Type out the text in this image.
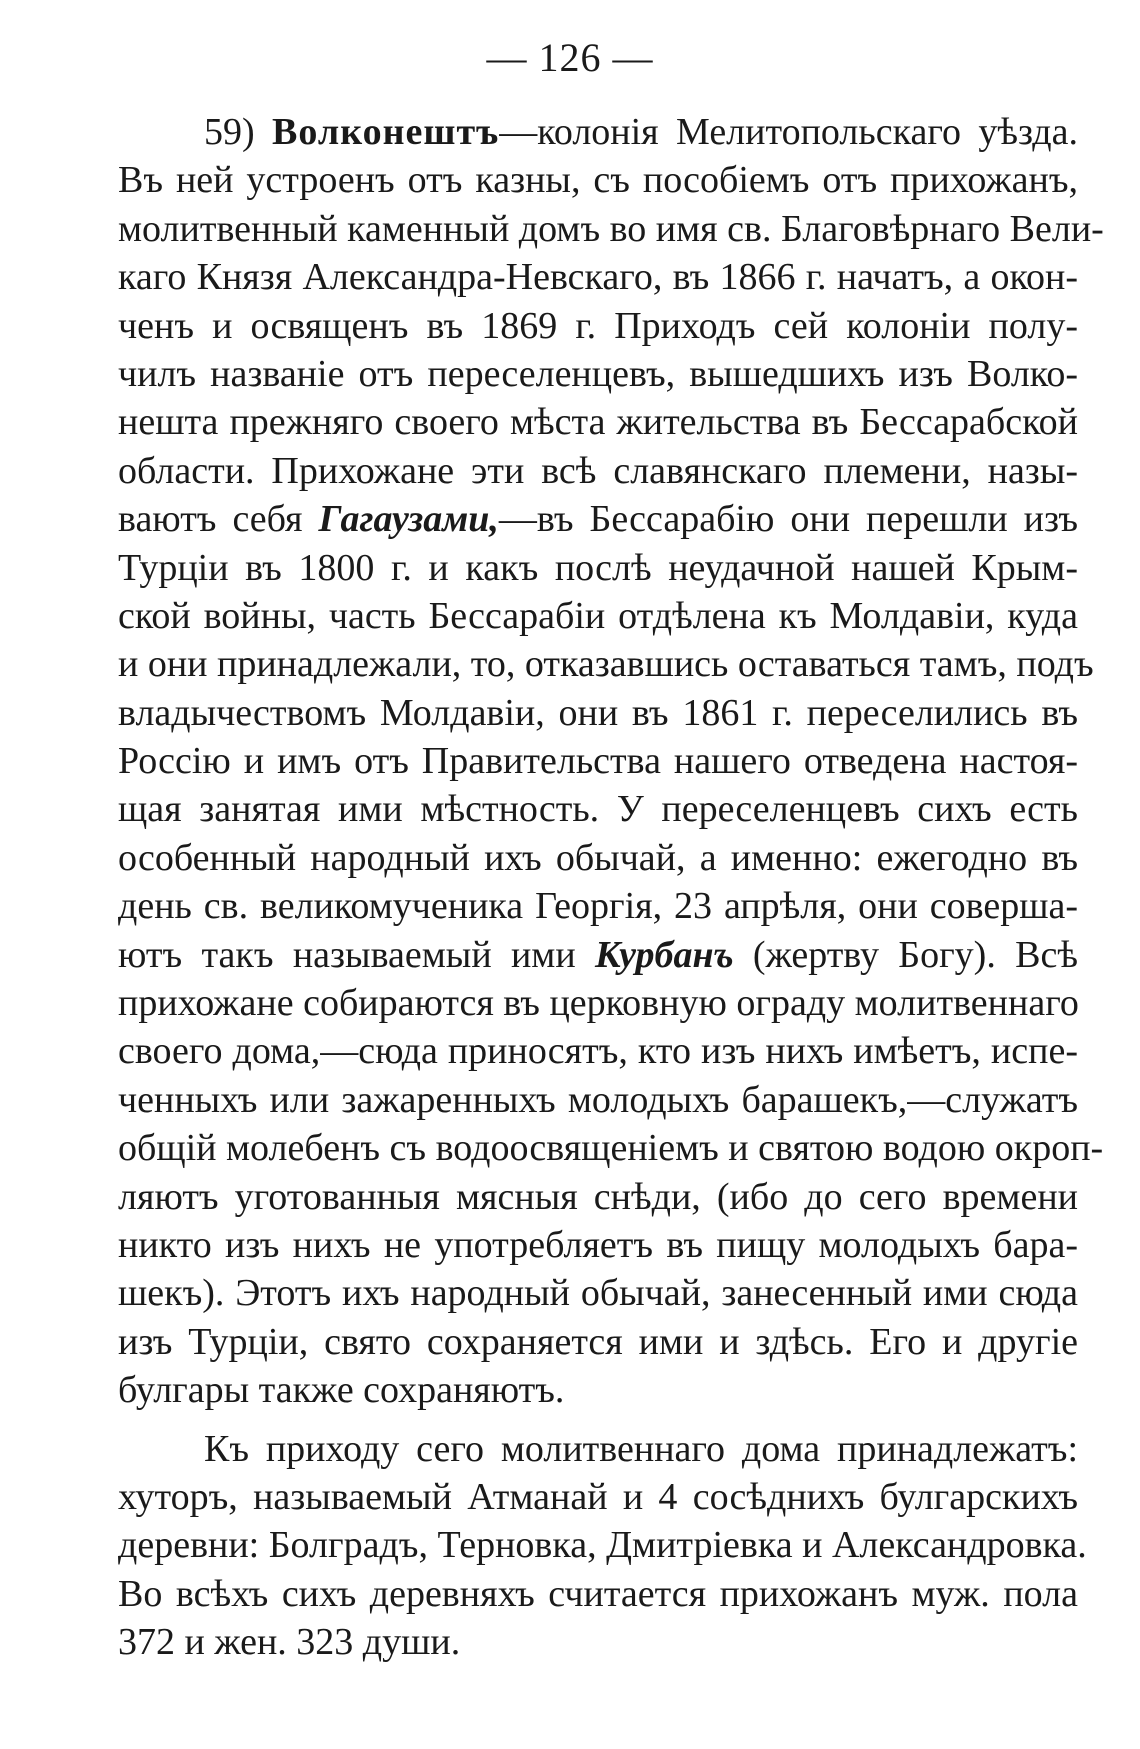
— 126 —
59) Волконештъ—колонія Мелитопольскаго уѣзда.
Въ ней устроенъ отъ казны, съ пособіемъ отъ прихожанъ,
молитвенный каменный домъ во имя св. Благовѣрнаго Вели-
каго Князя Александра-Невскаго, въ 1866 г. начатъ, а окон-
ченъ и освященъ въ 1869 г. Приходъ сей колоніи полу-
чилъ названіе отъ переселенцевъ, вышедшихъ изъ Волко-
нешта прежняго своего мѣста жительства въ Бессарабской
области. Прихожане эти всѣ славянскаго племени, назы-
ваютъ себя Гагаузами,—въ Бессарабію они перешли изъ
Турціи въ 1800 г. и какъ послѣ неудачной нашей Крым-
ской войны, часть Бессарабіи отдѣлена къ Молдавіи, куда
и они принадлежали, то, отказавшись оставаться тамъ, подъ
владычествомъ Молдавіи, они въ 1861 г. переселились въ
Россію и имъ отъ Правительства нашего отведена настоя-
щая занятая ими мѣстность. У переселенцевъ сихъ есть
особенный народный ихъ обычай, а именно: ежегодно въ
день св. великомученика Георгія, 23 апрѣля, они совершa-
ютъ такъ называемый ими Курбанъ (жертву Богу). Всѣ
прихожане собираются въ церковную ограду молитвеннаго
своего дома,—сюда приносятъ, кто изъ нихъ имѣетъ, испе-
ченныхъ или зажаренныхъ молодыхъ барашекъ,—служатъ
общій молебенъ съ водоосвященіемъ и святою водою окроп-
ляютъ уготованныя мясныя снѣди, (ибо до сего времени
никто изъ нихъ не употребляетъ въ пищу молодыхъ бара-
шекъ). Этотъ ихъ народный обычай, занесенный ими сюда
изъ Турціи, свято сохраняется ими и здѣсь. Его и другіе
булгары также сохраняютъ.
Къ приходу сего молитвеннаго дома принадлежатъ:
хуторъ, называемый Атманай и 4 сосѣднихъ булгарскихъ
деревни: Болградъ, Терновка, Дмитріевка и Александровка.
Во всѣхъ сихъ деревняхъ считается прихожанъ муж. пола
372 и жен. 323 души.
